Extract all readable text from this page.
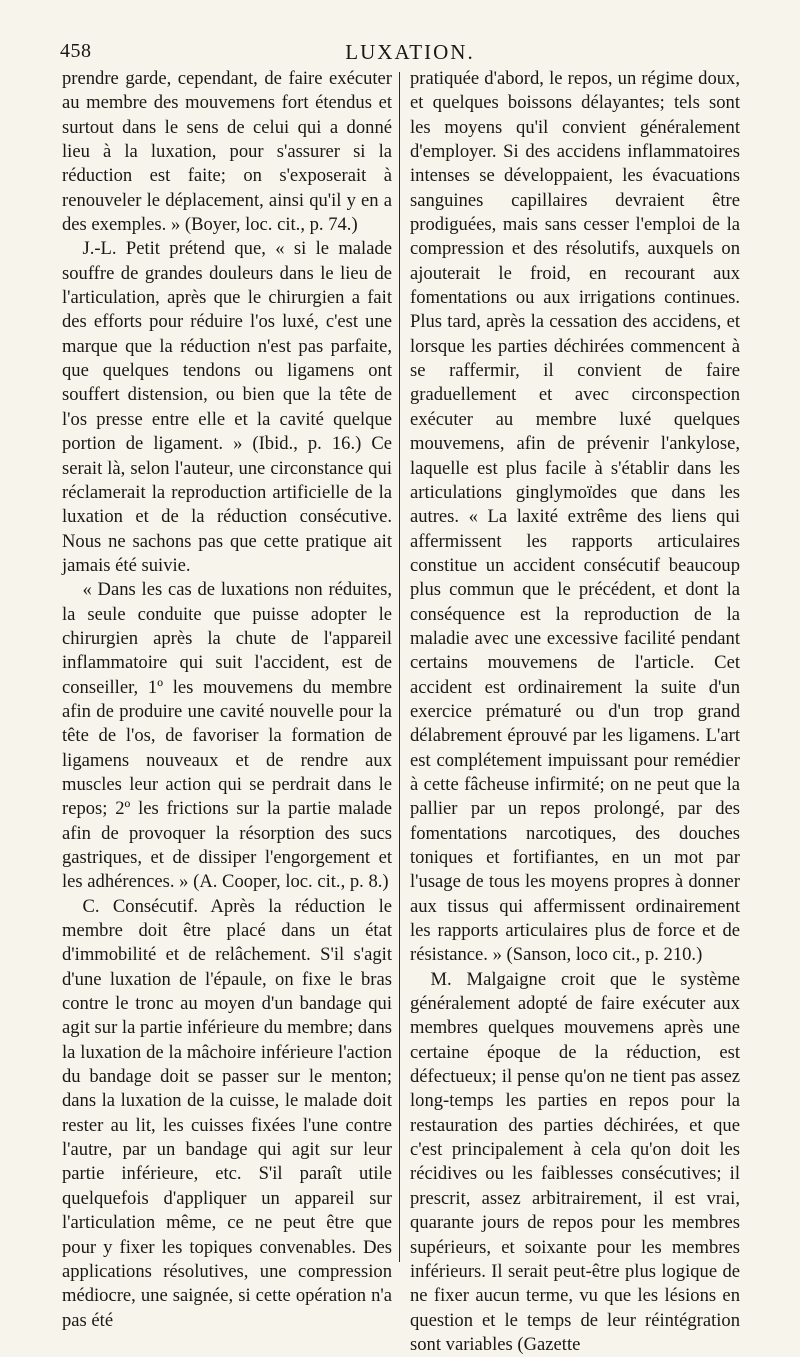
458	LUXATION.

prendre garde, cependant, de faire exécuter au membre des mouvemens fort étendus et surtout dans le sens de celui qui a donné lieu à la luxation, pour s'assurer si la réduction est faite; on s'exposerait à renouveler le déplacement, ainsi qu'il y en a des exemples. » (Boyer, loc. cit., p. 74.)

J.-L. Petit prétend que, « si le malade souffre de grandes douleurs dans le lieu de l'articulation, après que le chirurgien a fait des efforts pour réduire l'os luxé, c'est une marque que la réduction n'est pas parfaite, que quelques tendons ou ligamens ont souffert distension, ou bien que la tête de l'os presse entre elle et la cavité quelque portion de ligament. » (Ibid., p. 16.) Ce serait là, selon l'auteur, une circonstance qui réclamerait la reproduction artificielle de la luxation et de la réduction consécutive. Nous ne sachons pas que cette pratique ait jamais été suivie.

« Dans les cas de luxations non réduites, la seule conduite que puisse adopter le chirurgien après la chute de l'appareil inflammatoire qui suit l'accident, est de conseiller, 1º les mouvemens du membre afin de produire une cavité nouvelle pour la tête de l'os, de favoriser la formation de ligamens nouveaux et de rendre aux muscles leur action qui se perdrait dans le repos; 2º les frictions sur la partie malade afin de provoquer la résorption des sucs gastriques, et de dissiper l'engorgement et les adhérences. » (A. Cooper, loc. cit., p. 8.)

C. Consécutif. Après la réduction le membre doit être placé dans un état d'immobilité et de relâchement. S'il s'agit d'une luxation de l'épaule, on fixe le bras contre le tronc au moyen d'un bandage qui agit sur la partie inférieure du membre; dans la luxation de la mâchoire inférieure l'action du bandage doit se passer sur le menton; dans la luxation de la cuisse, le malade doit rester au lit, les cuisses fixées l'une contre l'autre, par un bandage qui agit sur leur partie inférieure, etc. S'il paraît utile quelquefois d'appliquer un appareil sur l'articulation même, ce ne peut être que pour y fixer les topiques convenables. Des applications résolutives, une compression médiocre, une saignée, si cette opération n'a pas été

pratiquée d'abord, le repos, un régime doux, et quelques boissons délayantes; tels sont les moyens qu'il convient généralement d'employer. Si des accidens inflammatoires intenses se développaient, les évacuations sanguines capillaires devraient être prodiguées, mais sans cesser l'emploi de la compression et des résolutifs, auxquels on ajouterait le froid, en recourant aux fomentations ou aux irrigations continues. Plus tard, après la cessation des accidens, et lorsque les parties déchirées commencent à se raffermir, il convient de faire graduellement et avec circonspection exécuter au membre luxé quelques mouvemens, afin de prévenir l'ankylose, laquelle est plus facile à s'établir dans les articulations ginglymoïdes que dans les autres. « La laxité extrême des liens qui affermissent les rapports articulaires constitue un accident consécutif beaucoup plus commun que le précédent, et dont la conséquence est la reproduction de la maladie avec une excessive facilité pendant certains mouvemens de l'article. Cet accident est ordinairement la suite d'un exercice prématuré ou d'un trop grand délabrement éprouvé par les ligamens. L'art est complétement impuissant pour remédier à cette fâcheuse infirmité; on ne peut que la pallier par un repos prolongé, par des fomentations narcotiques, des douches toniques et fortifiantes, en un mot par l'usage de tous les moyens propres à donner aux tissus qui affermissent ordinairement les rapports articulaires plus de force et de résistance. » (Sanson, loco cit., p. 210.)

M. Malgaigne croit que le système généralement adopté de faire exécuter aux membres quelques mouvemens après une certaine époque de la réduction, est défectueux; il pense qu'on ne tient pas assez long-temps les parties en repos pour la restauration des parties déchirées, et que c'est principalement à cela qu'on doit les récidives ou les faiblesses consécutives; il prescrit, assez arbitrairement, il est vrai, quarante jours de repos pour les membres supérieurs, et soixante pour les membres inférieurs. Il serait peut-être plus logique de ne fixer aucun terme, vu que les lésions en question et le temps de leur réintégration sont variables (Gazette
